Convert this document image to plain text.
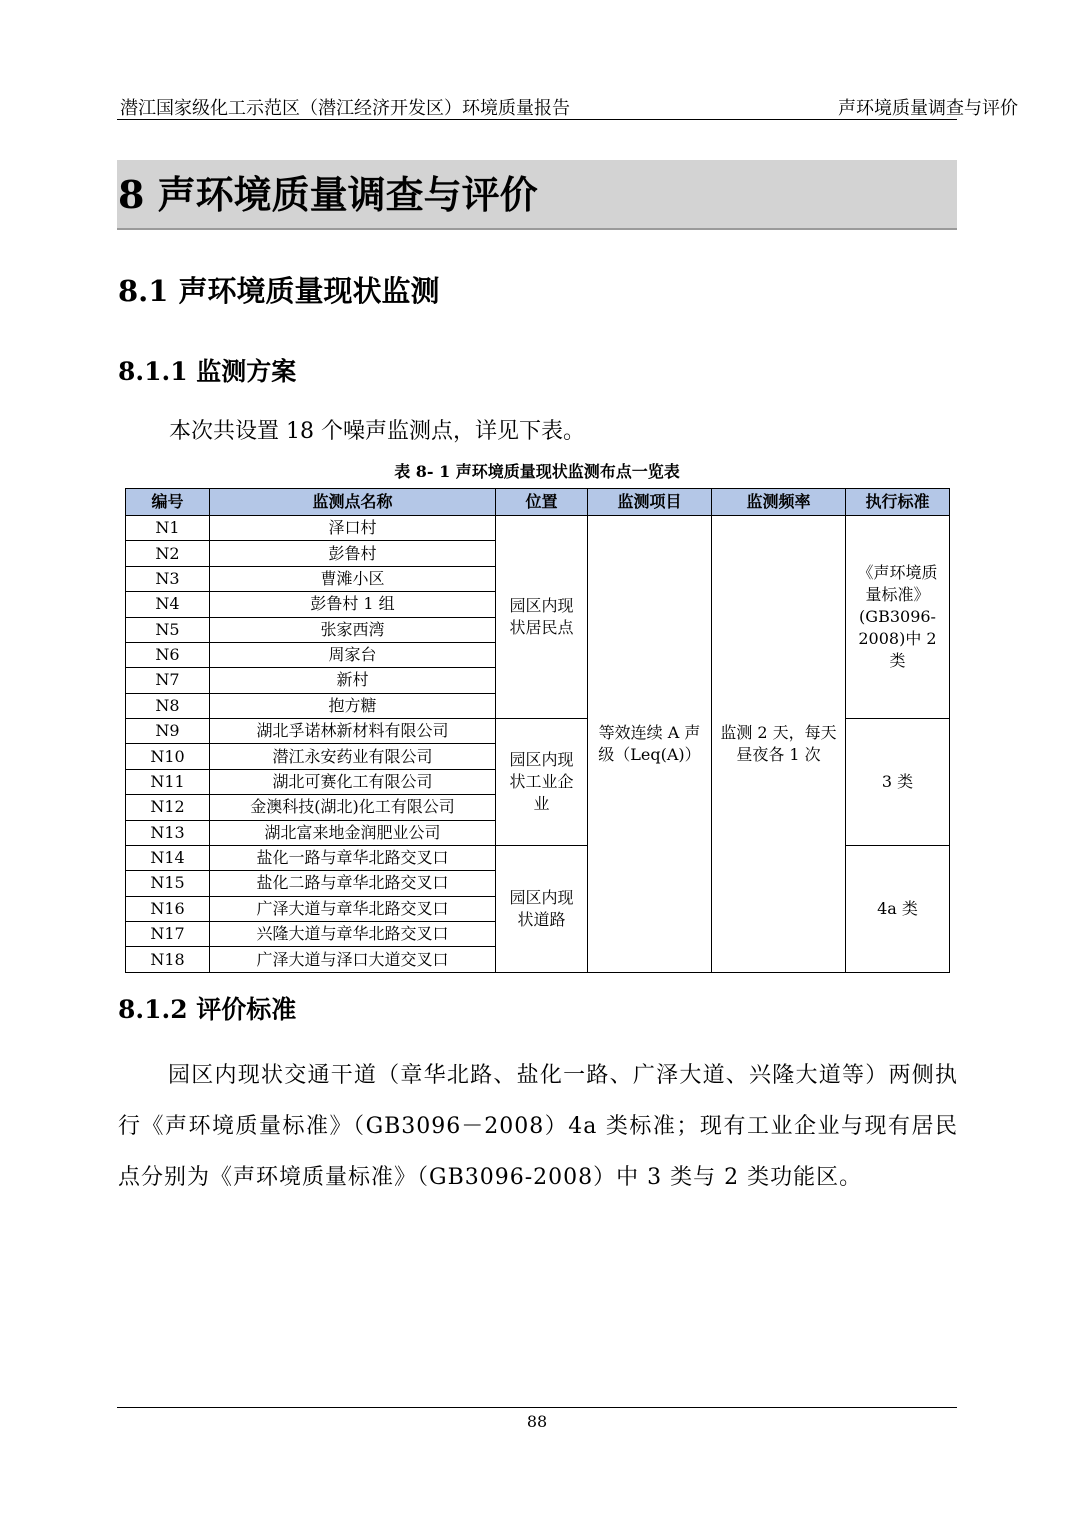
潜江国家级化工示范区（潜江经济开发区）环境质量报告	声环境质量调查与评价
8 声环境质量调查与评价
8.1 声环境质量现状监测
8.1.1 监测方案
本次共设置 18 个噪声监测点，详见下表。
表 8- 1 声环境质量现状监测布点一览表
编号	监测点名称	位置	监测项目	监测频率	执行标准
N1	泽口村	园区内现状居民点	等效连续 A 声级（Leq(A)）	监测 2 天，每天昼夜各 1 次	《声环境质量标准》(GB3096-2008)中 2 类
N2	彭鲁村				
N3	曹滩小区				
N4	彭鲁村 1 组				
N5	张家西湾				
N6	周家台				
N7	新村				
N8	抱方糖				
N9	湖北孚诺林新材料有限公司	园区内现状工业企业			3 类
N10	潜江永安药业有限公司				
N11	湖北可赛化工有限公司				
N12	金澳科技(湖北)化工有限公司				
N13	湖北富来地金润肥业公司				
N14	盐化一路与章华北路交叉口	园区内现状道路			4a 类
N15	盐化二路与章华北路交叉口				
N16	广泽大道与章华北路交叉口				
N17	兴隆大道与章华北路交叉口				
N18	广泽大道与泽口大道交叉口				
8.1.2 评价标准
园区内现状交通干道（章华北路、盐化一路、广泽大道、兴隆大道等）两侧执行《声环境质量标准》（GB3096－2008）4a 类标准；现有工业企业与现有居民点分别为《声环境质量标准》（GB3096-2008）中 3 类与 2 类功能区。
88
